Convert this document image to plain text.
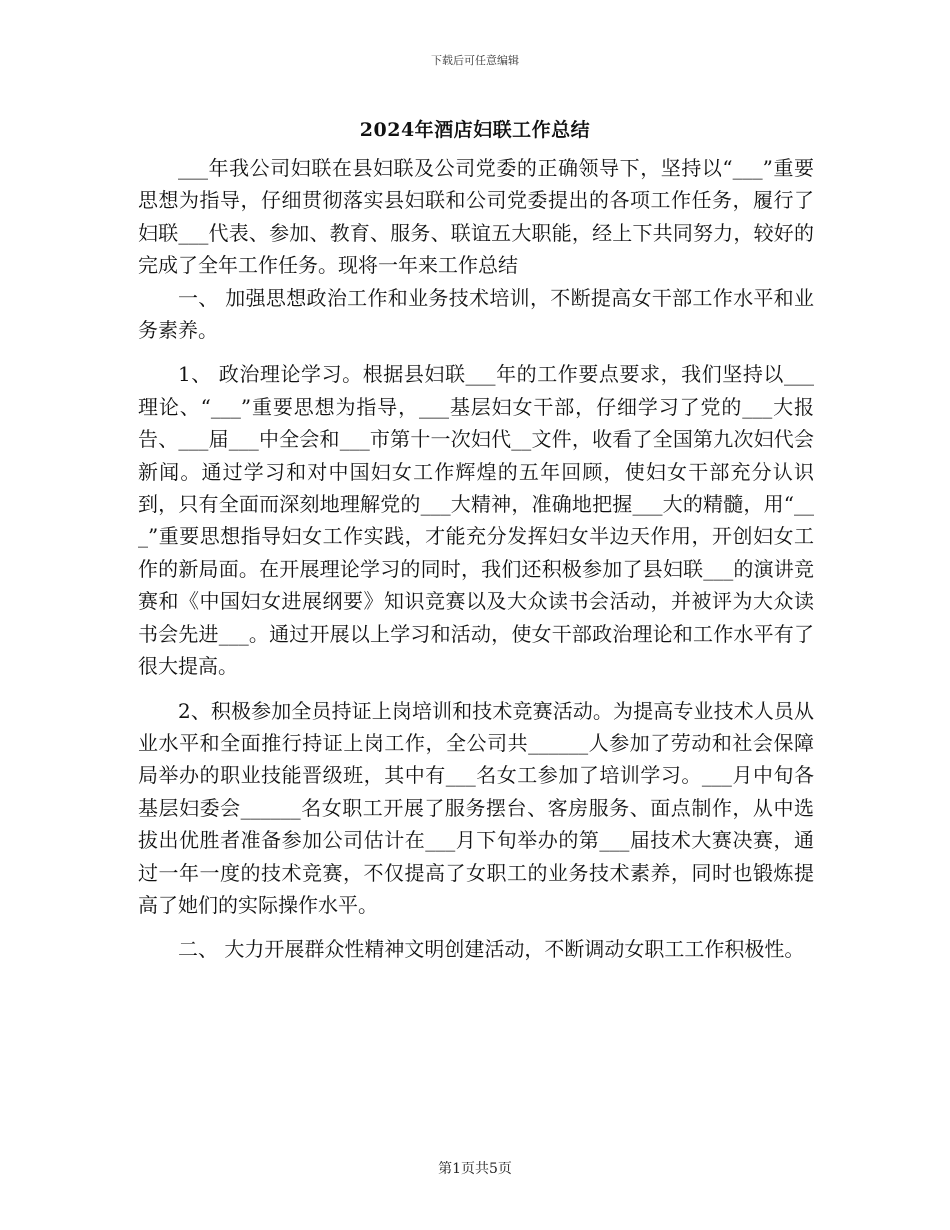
下载后可任意编辑
2024年酒店妇联工作总结

___年我公司妇联在县妇联及公司党委的正确领导下，坚持以“___”重要思想为指导，仔细贯彻落实县妇联和公司党委提出的各项工作任务，履行了妇联___代表、参加、教育、服务、联谊五大职能，经上下共同努力，较好的完成了全年工作任务。现将一年来工作总结

一、 加强思想政治工作和业务技术培训，不断提高女干部工作水平和业务素养。

1、 政治理论学习。根据县妇联___年的工作要点要求，我们坚持以___理论、“___”重要思想为指导，___基层妇女干部，仔细学习了党的___大报告、___届___中全会和___市第十一次妇代__文件，收看了全国第九次妇代会新闻。通过学习和对中国妇女工作辉煌的五年回顾，使妇女干部充分认识到，只有全面而深刻地理解党的___大精神，准确地把握___大的精髓，用“___”重要思想指导妇女工作实践，才能充分发挥妇女半边天作用，开创妇女工作的新局面。在开展理论学习的同时，我们还积极参加了县妇联___的演讲竞赛和《中国妇女进展纲要》知识竞赛以及大众读书会活动，并被评为大众读书会先进___。通过开展以上学习和活动，使女干部政治理论和工作水平有了很大提高。

2、积极参加全员持证上岗培训和技术竞赛活动。为提高专业技术人员从业水平和全面推行持证上岗工作，全公司共______人参加了劳动和社会保障局举办的职业技能晋级班，其中有___名女工参加了培训学习。___月中旬各基层妇委会______名女职工开展了服务摆台、客房服务、面点制作，从中选拔出优胜者准备参加公司估计在___月下旬举办的第___届技术大赛决赛，通过一年一度的技术竞赛，不仅提高了女职工的业务技术素养，同时也锻炼提高了她们的实际操作水平。

二、 大力开展群众性精神文明创建活动，不断调动女职工工作积极性。

第1页共5页
